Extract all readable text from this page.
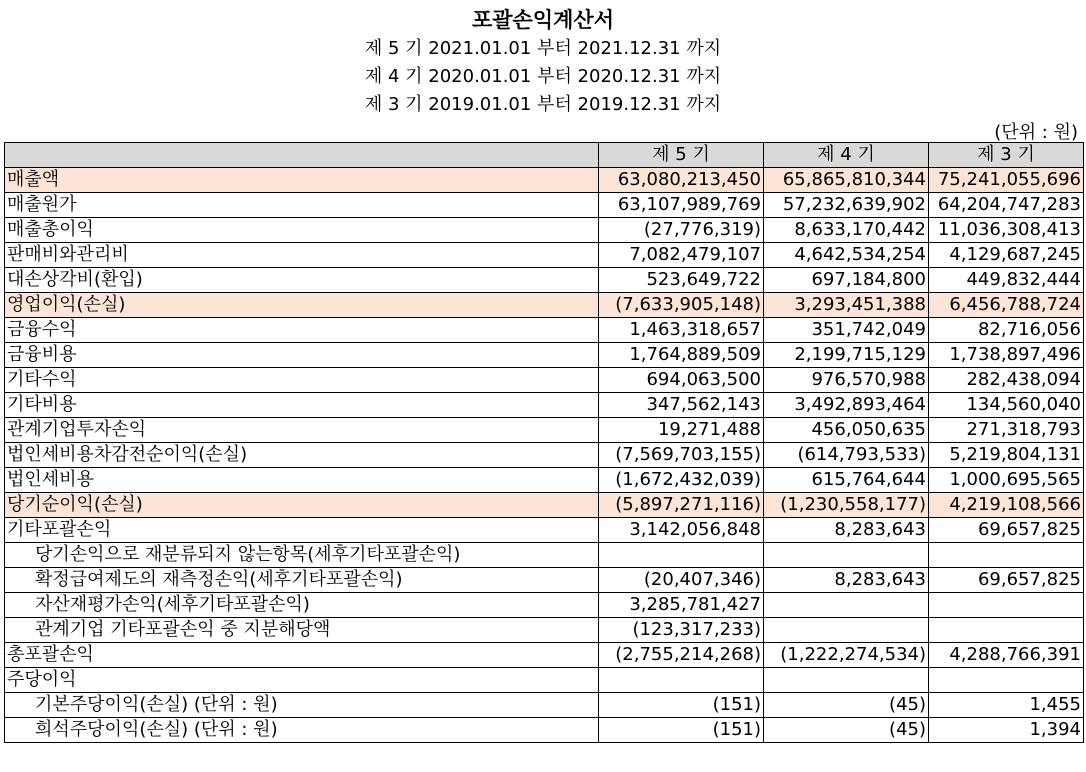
포괄손익계산서
제 5 기 2021.01.01 부터 2021.12.31 까지
제 4 기 2020.01.01 부터 2020.12.31 까지
제 3 기 2019.01.01 부터 2019.12.31 까지
(단위 : 원)
	제 5 기	제 4 기	제 3 기
매출액	63,080,213,450	65,865,810,344	75,241,055,696
매출원가	63,107,989,769	57,232,639,902	64,204,747,283
매출총이익	(27,776,319)	8,633,170,442	11,036,308,413
판매비와관리비	7,082,479,107	4,642,534,254	4,129,687,245
대손상각비(환입)	523,649,722	697,184,800	449,832,444
영업이익(손실)	(7,633,905,148)	3,293,451,388	6,456,788,724
금융수익	1,463,318,657	351,742,049	82,716,056
금융비용	1,764,889,509	2,199,715,129	1,738,897,496
기타수익	694,063,500	976,570,988	282,438,094
기타비용	347,562,143	3,492,893,464	134,560,040
관계기업투자손익	19,271,488	456,050,635	271,318,793
법인세비용차감전순이익(손실)	(7,569,703,155)	(614,793,533)	5,219,804,131
법인세비용	(1,672,432,039)	615,764,644	1,000,695,565
당기순이익(손실)	(5,897,271,116)	(1,230,558,177)	4,219,108,566
기타포괄손익	3,142,056,848	8,283,643	69,657,825
당기손익으로 재분류되지 않는항목(세후기타포괄손익)			
확정급여제도의 재측정손익(세후기타포괄손익)	(20,407,346)	8,283,643	69,657,825
자산재평가손익(세후기타포괄손익)	3,285,781,427		
관계기업 기타포괄손익 중 지분해당액	(123,317,233)		
총포괄손익	(2,755,214,268)	(1,222,274,534)	4,288,766,391
주당이익			
기본주당이익(손실) (단위 : 원)	(151)	(45)	1,455
희석주당이익(손실) (단위 : 원)	(151)	(45)	1,394
